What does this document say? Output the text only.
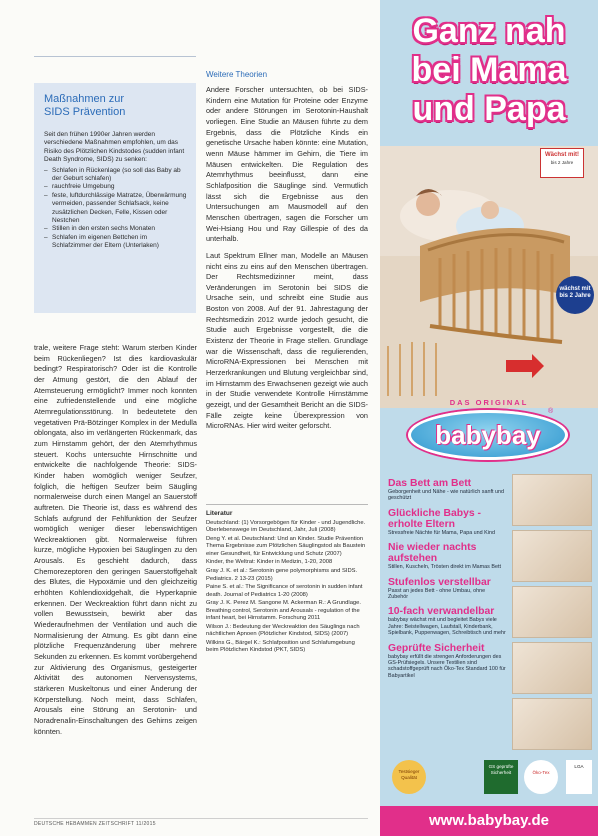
Maßnahmen zur
SIDS Prävention

Seit den frühen 1990er Jahren werden verschiedene Maßnahmen empfohlen, um das Risiko des Plötzlichen Kindstodes (sudden infant Death Syndrome, SIDS) zu senken:

– Schlafen in Rückenlage (so soll das Baby ab der Geburt schlafen)
– rauchfreie Umgebung
– feste, luftdurchlässige Matratze, Überwärmung vermeiden, passender Schlafsack, keine zusätzlichen Decken, Felle, Kissen oder Nestchen
– Stillen in den ersten sechs Monaten
– Schlafen im eigenen Bettchen im Schlafzimmer der Eltern (Unterlaken)

trale, weitere Frage steht: Warum sterben Kinder beim Rückenliegen? Ist dies kardiovaskulär bedingt? Respiratorisch? Oder ist die Kontrolle der Atmung gestört, die den Ablauf der Atemsteuerung ermöglicht? Immer noch konnten eine zufriedenstellende und eine mögliche Atemregulationsstörung. In bedeutetete den vegetativen Prä-Bötzinger Komplex in der Medulla oblongata, also im verlängerten Rückenmark, das zum Hirnstamm gehört, der den Atemrhythmus steuert. Kochs untersuchte Hirnschnitte und entwickelte die nachfolgende Theorie: SIDS-Kinder haben womöglich weniger Seufzer, folglich, die heftigen Seufzer beim Säugling normalerweise durch einen Mangel an Sauerstoff auftreten. Die Theorie ist, dass es während des Schlafs aufgrund der Fehlfunktion der Seufzer womöglich weniger dieser lebenswichtigen Weckreaktionen gibt. Normalerweise führen kurze, mögliche Hypoxien bei Säuglingen zu den Arousals. Es geschieht dadurch, dass Chemorezeptoren den geringen Sauerstoffgehalt des Blutes, die Hypoxämie und den gleichzeitig erhöhten Kohlendioxidgehalt, die Hyperkapnie erkennen. Der Weckreaktion führt dann nicht zu vollen Bewusstsein, bewirkt aber das Wiederaufnehmen der Ventilation und auch die Normalisierung der Atmung. Es gibt dann eine plötzliche Frequenzänderung über mehrere Sekunden zu erkennen. Es kommt vorübergehend zur Aktivierung des Organismus, gesteigerter Aktivität des autonomen Nervensystems, stärkeren Muskeltonus und einer Änderung der Körperstellung. Noch meint, dass Schlafen, Arousals eine Störung an Serotonin- und Noradrenalin-Einschaltungen des Gehirns zeigen könnten.

Weitere Theorien

Andere Forscher untersuchten, ob bei SIDS-Kindern eine Mutation für Proteine oder Enzyme oder andere Störungen im Serotonin-Haushalt vorliegen. Eine Studie an Mäusen führte zu dem Ergebnis, dass die Plötzliche Kinds ein genetische Ursache haben könnte: eine Mutation, wenn Mäuse hämmer im Gehirn, die Tiere im Mäusen entwickelten. Die Regulation des Atemrhythmus beeinflusst, dann eine Schlafposition die Säuglinge sind. Vermutlich lässt sich die Ergebnisse aus den Untersuchungen am Mausmodell auf den Menschen übertragen, sagen die Forscher um Wei-Hsiang Hou und Ray Gillespie of des da unterhalb.

Laut Spektrum Ellner man, Modelle an Mäusen nicht eins zu eins auf den Menschen übertragen. Der Rechtsmedizinner meint, dass Veränderungen im Serotonin bei SIDS die Ursache sein, und schreibt eine Studie aus Boston von 2008. Auf der 91. Jahrestagung der Rechtsmedizin 2012 wurde jedoch gesucht, die Studie auch Ergebnisse vorgestellt, die die Existenz der Theorie in Frage stellen. Grundlage war die Wissenschaft, dass die regulierenden, MicroRNA-Expressionen bei Menschen mit Herzerkrankungen und Blutung vergleichbar sind, im Hirnstamm des Erwachsenen gezeigt wie auch in der Studie verwendete Kontrolle Hirnstämme gezeigt, und der Gesamtheit Bericht an die SIDS-Fälle zeigte keine Überexpression von MicroRNAs. Hier wird weiter geforscht.

Literatur

Deutschland: (1) Vorsorgebögen für Kinder - und Jugendliche. Überlebenswege im Deutschland, Jahr, Juli (2008)

Deng Y. et al. Deutschland: Und an Kinder. Studie Prävention Thema Ergebnisse zum Plötzlichen Säuglingstod als Baustein einer Gesundheit, für Entwicklung und Schutz (2007)

Kinder, the Weltrat: Kinder in Medizin, 1-20, 2008

Gray J. K. et al.: Serotonin gene polymorphisms and SIDS. Pediatrics. 2 13-23 (2015)

Paine S. et al.: The Significance of serotonin in sudden infant death. Journal of Pediatrics 1-20 (2008)

Gray J. K. Perez M. Sangone M. Ackerman R.: A Grundlage. Breathing control, Serotonin and Arousals - regulation of the infant heart, bei Hirnstamm. Forschung 2011

Wilson J.: Bedeutung der Weckreaktion des Säuglings nach nächtlichen Apnoen (Plötzlicher Kindstod, SIDS) (2007)

Wilkins G., Bärgel K.: Schlafposition und Schlafumgebung beim Plötzlichen Kindstod (PKT, SIDS)

DEUTSCHE HEBAMMEN ZEITSCHRIFT 11/2015
Ganz nah
bei Mama
und Papa
Wächst mit!
bis 2 Jahre
wächst mit bis 2 Jahre
DAS ORIGINAL
babybay
®
Das Bett am Bett
Geborgenheit und Nähe - wie natürlich sanft und geschützt
Glückliche Babys - erholte Eltern
Stressfreie Nächte für Mama, Papa und Kind
Nie wieder nachts aufstehen
Stillen, Kuscheln, Trösten direkt im Mamas Bett
Stufenlos verstellbar
Passt an jedes Bett - ohne Umbau, ohne Zubehör
10-fach verwandelbar
babybay wächst mit und begleitet Babys viele Jahre: Beistellwagen, Laufstall, Kinderbank, Spielbank, Puppenwagen, Schreibtisch und mehr
Geprüfte Sicherheit
babybay erfüllt die strengen Anforderungen des GS-Prüfsiegels. Unsere Textilien sind schadstoffgeprüft nach Öko-Tex Standard 100 für Babyartikel
Testsieger Qualität
GS geprüfte Sicherheit	Öko-Tex
LGA
www.babybay.de
